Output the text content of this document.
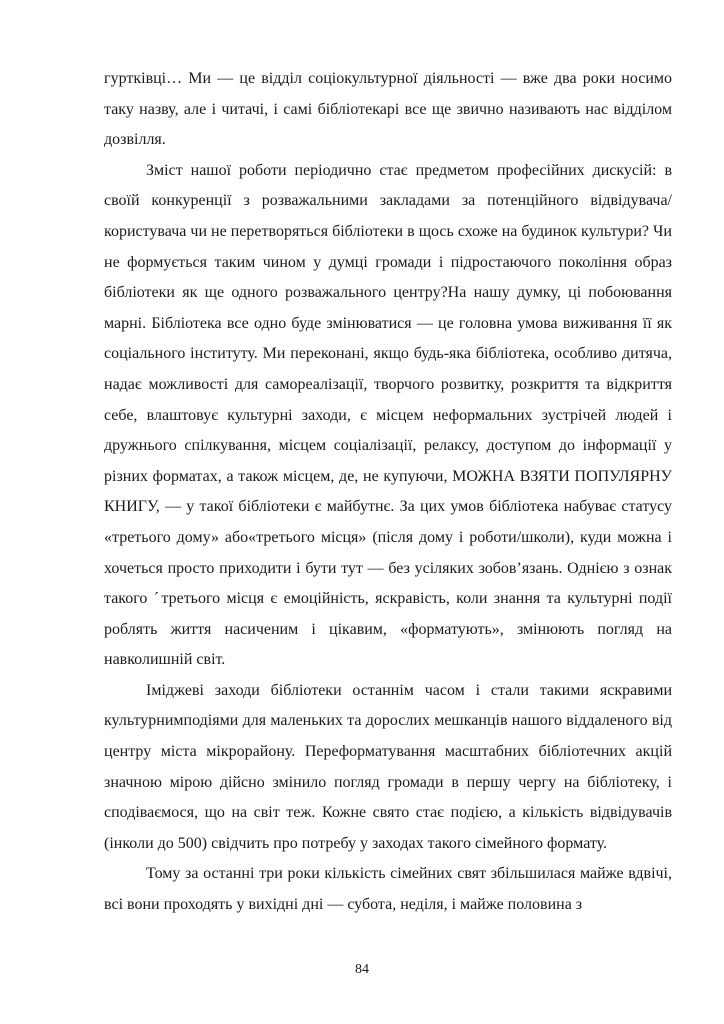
гуртківці… Ми — це відділ соціокультурної діяльності — вже два роки носимо таку назву, але і читачі, і самі бібліотекарі все ще звично називають нас відділом дозвілля.

Зміст нашої роботи періодично стає предметом професійних дискусій: в своїй конкуренції з розважальними закладами за потенційного відвідувача/користувача чи не перетворяться бібліотеки в щось схоже на будинок культури? Чи не формується таким чином у думці громади і підростаючого покоління образ бібліотеки як ще одного розважального центру?На нашу думку, ці побоювання марні. Бібліотека все одно буде змінюватися — це головна умова виживання її як соціального інституту. Ми переконані, якщо будь-яка бібліотека, особливо дитяча, надає можливості для самореалізації, творчого розвитку, розкриття та відкриття себе, влаштовує культурні заходи, є місцем неформальних зустрічей людей і дружнього спілкування, місцем соціалізації, релаксу, доступом до інформації у різних форматах, а також місцем, де, не купуючи, МОЖНА ВЗЯТИ ПОПУЛЯРНУ КНИГУ, — у такої бібліотеки є майбутнє. За цих умов бібліотека набуває статусу «третього дому» або«третього місця» (після дому і роботи/школи), куди можна і хочеться просто приходити і бути тут — без усіляких зобов’язань. Однією з ознак такого ˊтретього місця є емоційність, яскравість, коли знання та культурні події роблять життя насиченим і цікавим, «форматують», змінюють погляд на навколишній світ.

Іміджеві заходи бібліотеки останнім часом і стали такими яскравими культурнимподіями для маленьких та дорослих мешканців нашого віддаленого від центру міста мікрорайону. Переформатування масштабних бібліотечних акцій значною мірою дійсно змінило погляд громади в першу чергу на бібліотеку, і сподіваємося, що на світ теж. Кожне свято стає подією, а кількість відвідувачів (інколи до 500) свідчить про потребу у заходах такого сімейного формату.

Тому за останні три роки кількість сімейних свят збільшилася майже вдвічі, всі вони проходять у вихідні дні — субота, неділя, і майже половина з

84
